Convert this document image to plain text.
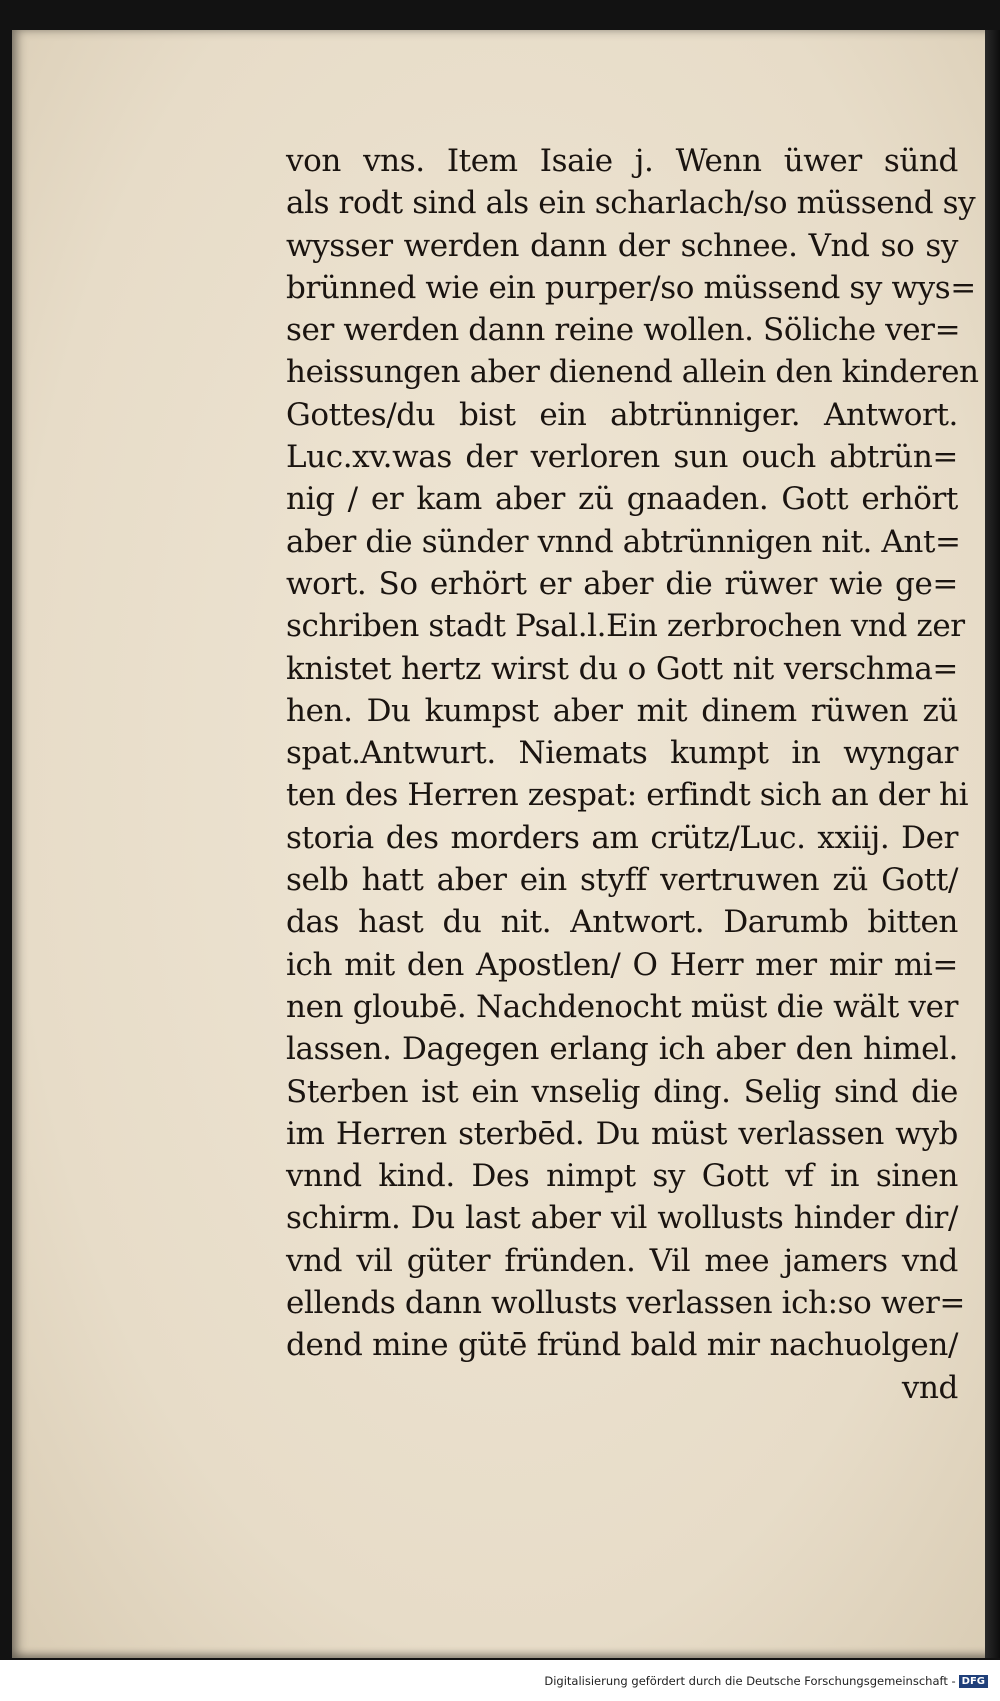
von vns. Item Isaie j. Wenn üwer sünd
als rodt sind als ein scharlach/so müssend sy
wysser werden dann der schnee. Vnd so sy
brünned wie ein purper/so müssend sy wys=
ser werden dann reine wollen. Söliche ver=
heissungen aber dienend allein den kinderen
Gottes/du bist ein abtrünniger. Antwort.
Luc.xv.was der verloren sun ouch abtrün=
nig / er kam aber zü gnaaden. Gott erhört
aber die sünder vnnd abtrünnigen nit. Ant=
wort. So erhört er aber die rüwer wie ge=
schriben stadt Psal.l.Ein zerbrochen vnd zer
knistet hertz wirst du o Gott nit verschma=
hen. Du kumpst aber mit dinem rüwen zü
spat.Antwurt. Niemats kumpt in wyngar
ten des Herren zespat: erfindt sich an der hi
storia des morders am crütz/Luc. xxiij. Der
selb hatt aber ein styff vertruwen zü Gott/
das hast du nit. Antwort. Darumb bitten
ich mit den Apostlen/ O Herr mer mir mi=
nen gloubē. Nachdenocht müst die wält ver
lassen. Dagegen erlang ich aber den himel.
Sterben ist ein vnselig ding. Selig sind die
im Herren sterbēd. Du müst verlassen wyb
vnnd kind. Des nimpt sy Gott vf in sinen
schirm. Du last aber vil wollusts hinder dir/
vnd vil güter fründen. Vil mee jamers vnd
ellends dann wollusts verlassen ich:so wer=
dend mine gütē fründ bald mir nachuolgen/
vnd
Digitalisierung gefördert durch die Deutsche Forschungsgemeinschaft - DFG
